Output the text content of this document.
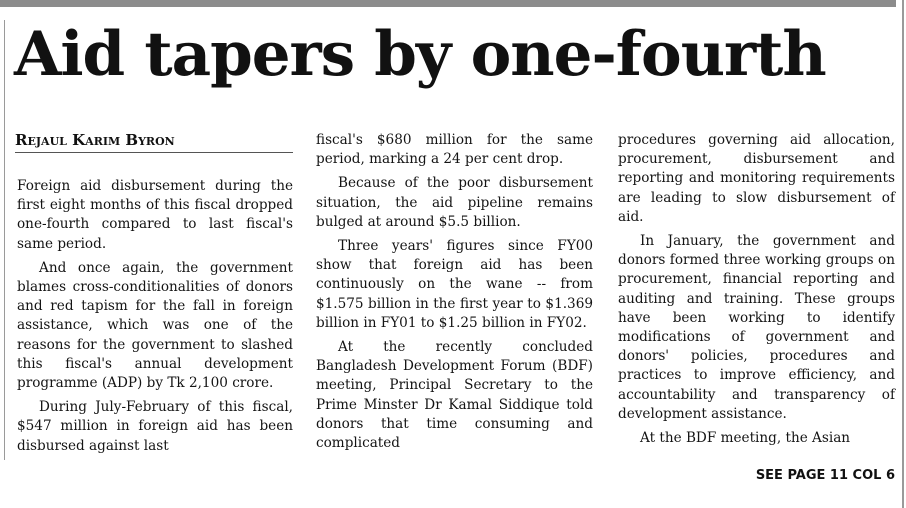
Aid tapers by one-fourth
Rejaul Karim Byron

Foreign aid disbursement during the first eight months of this fiscal dropped one-fourth compared to last fiscal's same period.

And once again, the government blames cross-conditionalities of donors and red tapism for the fall in foreign assistance, which was one of the reasons for the government to slashed this fiscal's annual development programme (ADP) by Tk 2,100 crore.

During July-February of this fiscal, $547 million in foreign aid has been disbursed against last

fiscal's $680 million for the same period, marking a 24 per cent drop.

Because of the poor disbursement situation, the aid pipeline remains bulged at around $5.5 billion.

Three years' figures since FY00 show that foreign aid has been continuously on the wane -- from $1.575 billion in the first year to $1.369 billion in FY01 to $1.25 billion in FY02.

At the recently concluded Bangladesh Development Forum (BDF) meeting, Principal Secretary to the Prime Minster Dr Kamal Siddique told donors that time consuming and complicated

procedures governing aid allocation, procurement, disbursement and reporting and monitoring requirements are leading to slow disbursement of aid.

In January, the government and donors formed three working groups on procurement, financial reporting and auditing and training. These groups have been working to identify modifications of government and donors' policies, procedures and practices to improve efficiency, and accountability and transparency of development assistance.

At the BDF meeting, the Asian

SEE PAGE 11 COL 6
